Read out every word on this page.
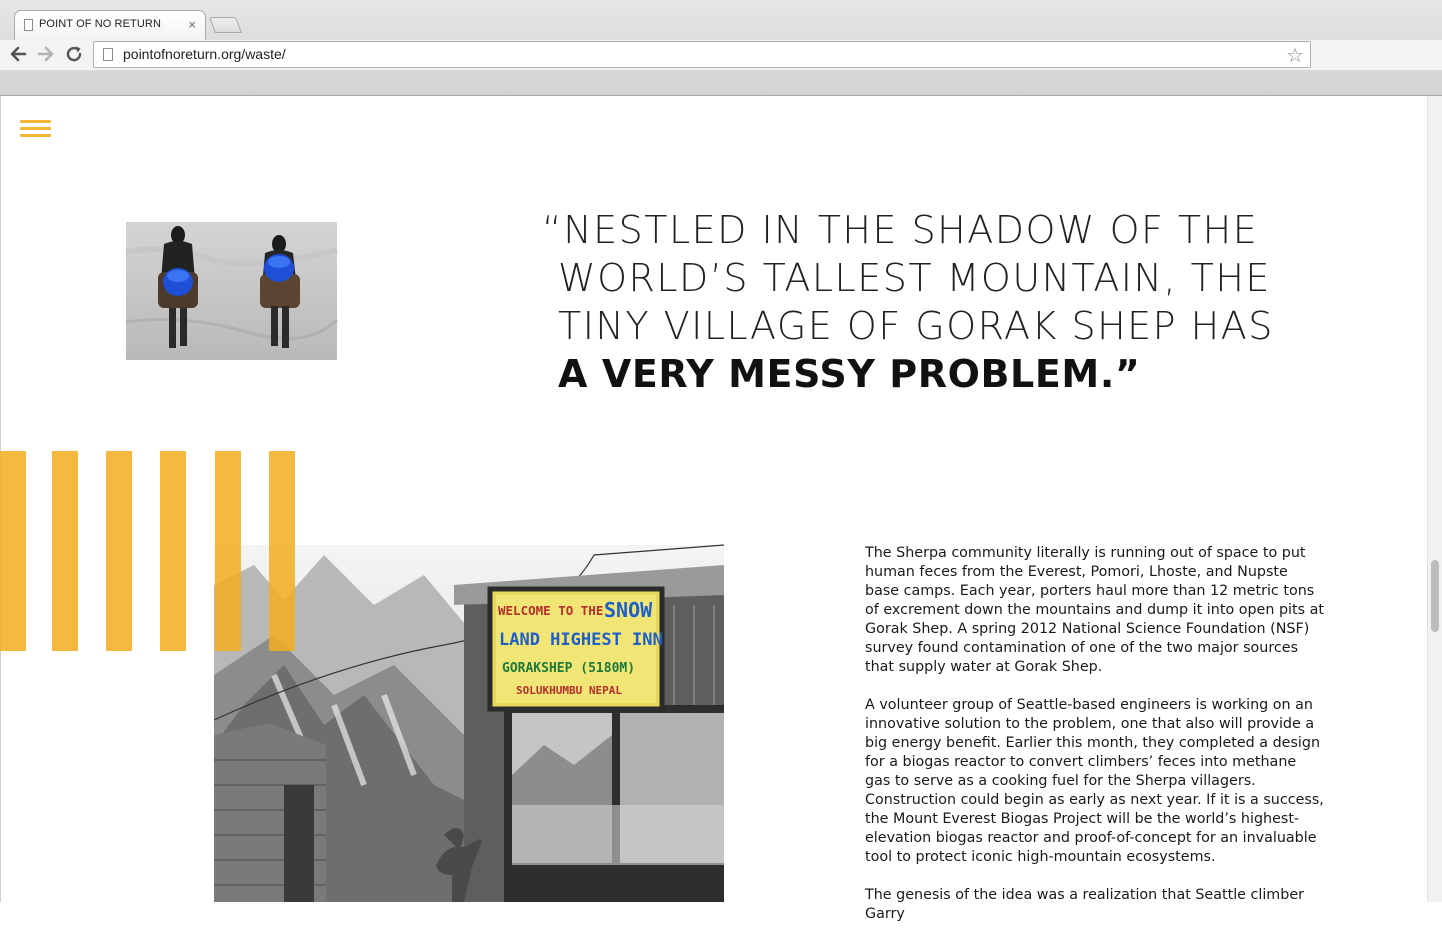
POINT OF NO RETURN ×
pointofnoreturn.org/waste/	☆
“NESTLED IN THE SHADOW OF THE
WORLD’S TALLEST MOUNTAIN, THE
TINY VILLAGE OF GORAK SHEP HAS
A VERY MESSY PROBLEM.”
WELCOME TO THE SNOW
LAND HIGHEST INN
GORAKSHEP (5180M)
SOLUKHUMBU NEPAL

The Sherpa community literally is running out of space to put human feces from the Everest, Pomori, Lhoste, and Nupste base camps. Each year, porters haul more than 12 metric tons of excrement down the mountains and dump it into open pits at Gorak Shep. A spring 2012 National Science Foundation (NSF) survey found contamination of one of the two major sources that supply water at Gorak Shep.

A volunteer group of Seattle-based engineers is working on an innovative solution to the problem, one that also will provide a big energy benefit. Earlier this month, they completed a design for a biogas reactor to convert climbers’ feces into methane gas to serve as a cooking fuel for the Sherpa villagers. Construction could begin as early as next year. If it is a success, the Mount Everest Biogas Project will be the world’s highest-elevation biogas reactor and proof-of-concept for an invaluable tool to protect iconic high-mountain ecosystems.

The genesis of the idea was a realization that Seattle climber Garry
